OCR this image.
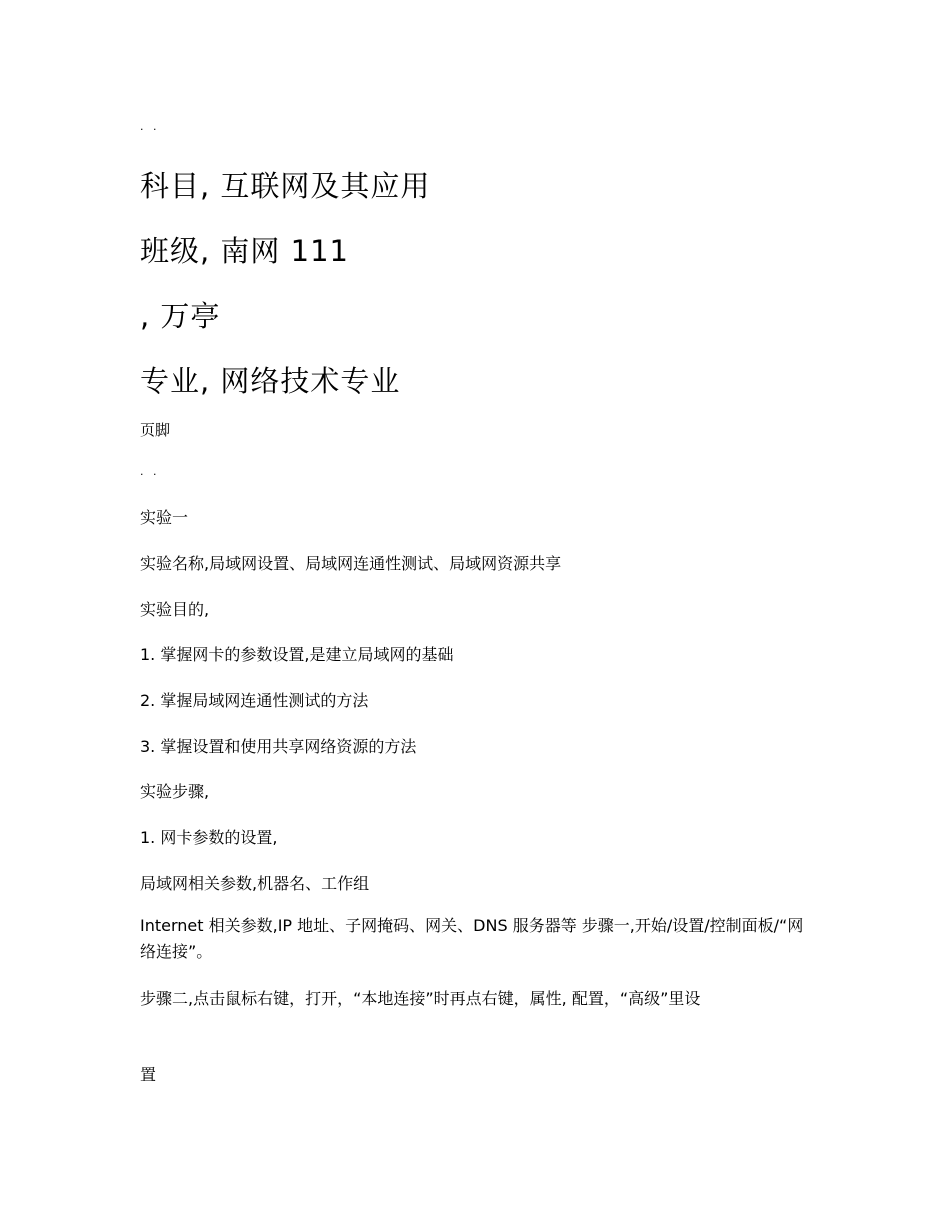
. .
科目, 互联网及其应用
班级, 南网 111
, 万亭
专业, 网络技术专业
页脚
. .
实验一
实验名称,局域网设置、局域网连通性测试、局域网资源共享
实验目的,
1. 掌握网卡的参数设置,是建立局域网的基础
2. 掌握局域网连通性测试的方法
3. 掌握设置和使用共享网络资源的方法
实验步骤,
1. 网卡参数的设置,
局域网相关参数,机器名、工作组
Internet 相关参数,IP 地址、子网掩码、网关、DNS 服务器等 步骤一,开始/设置/控制面板/“网络连接”。
步骤二,点击鼠标右键，打开，“本地连接”时再点右键，属性, 配置，“高级”里设
置
